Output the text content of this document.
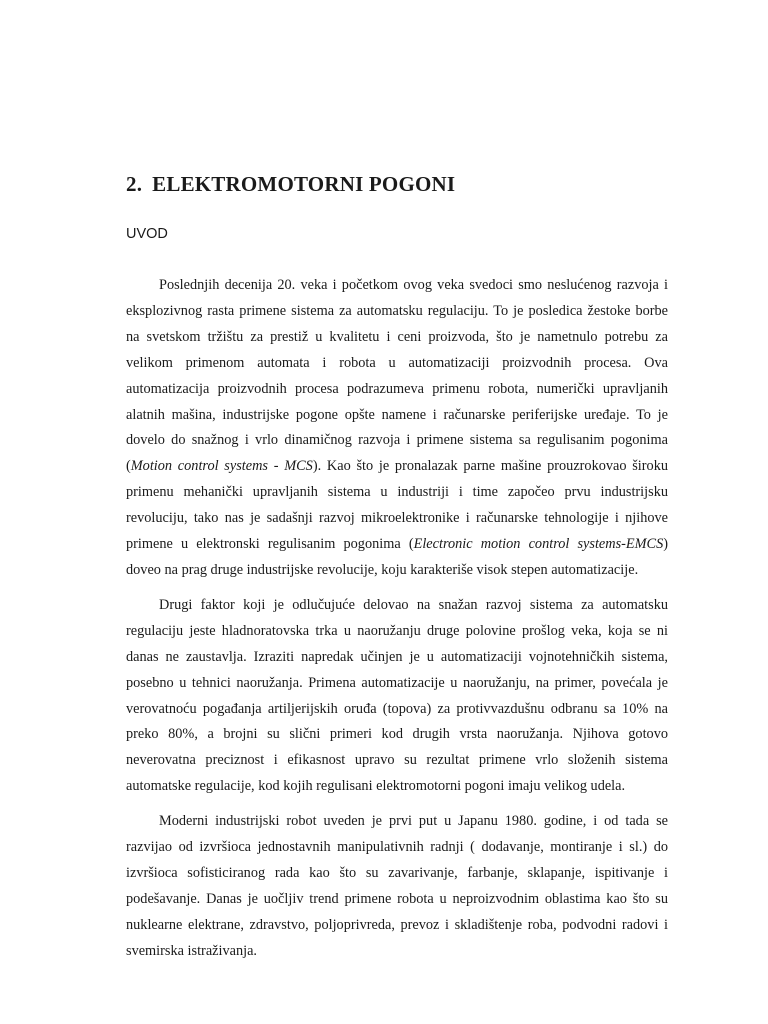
2. ELEKTROMOTORNI POGONI
UVOD

Poslednjih decenija 20. veka i početkom ovog veka svedoci smo neslućenog razvoja i eksplozivnog rasta primene sistema za automatsku regulaciju. To je posledica žestoke borbe na svetskom tržištu za prestiž u kvalitetu i ceni proizvoda, što je nametnulo potrebu za velikom primenom automata i robota u automatizaciji proizvodnih procesa. Ova automatizacija proizvodnih procesa podrazumeva primenu robota, numerički upravljanih alatnih mašina, industrijske pogone opšte namene i računarske periferijske uređaje. To je dovelo do snažnog i vrlo dinamičnog razvoja i primene sistema sa regulisanim pogonima (Motion control systems - MCS). Kao što je pronalazak parne mašine prouzrokovao široku primenu mehanički upravljanih sistema u industriji i time započeo prvu industrijsku revoluciju, tako nas je sadašnji razvoj mikroelektronike i računarske tehnologije i njihove primene u elektronski regulisanim pogonima (Electronic motion control systems-EMCS) doveo na prag druge industrijske revolucije, koju karakteriše visok stepen automatizacije.

Drugi faktor koji je odlučujuće delovao na snažan razvoj sistema za automatsku regulaciju jeste hladnoratovska trka u naoružanju druge polovine prošlog veka, koja se ni danas ne zaustavlja. Izraziti napredak učinjen je u automatizaciji vojnotehničkih sistema, posebno u tehnici naoružanja. Primena automatizacije u naoružanju, na primer, povećala je verovatnoću pogađanja artiljerijskih oruđa (topova) za protivvazdušnu odbranu sa 10% na preko 80%, a brojni su slični primeri kod drugih vrsta naoružanja. Njihova gotovo neverovatna preciznost i efikasnost upravo su rezultat primene vrlo složenih sistema automatske regulacije, kod kojih regulisani elektromotorni pogoni imaju velikog udela.

Moderni industrijski robot uveden je prvi put u Japanu 1980. godine, i od tada se razvijao od izvršioca jednostavnih manipulativnih radnji ( dodavanje, montiranje i sl.) do izvršioca sofisticiranog rada kao što su zavarivanje, farbanje, sklapanje, ispitivanje i podešavanje. Danas je uočljiv trend primene robota u neproizvodnim oblastima kao što su nuklearne elektrane, zdravstvo, poljoprivreda, prevoz i skladištenje roba, podvodni radovi i svemirska istraživanja.
